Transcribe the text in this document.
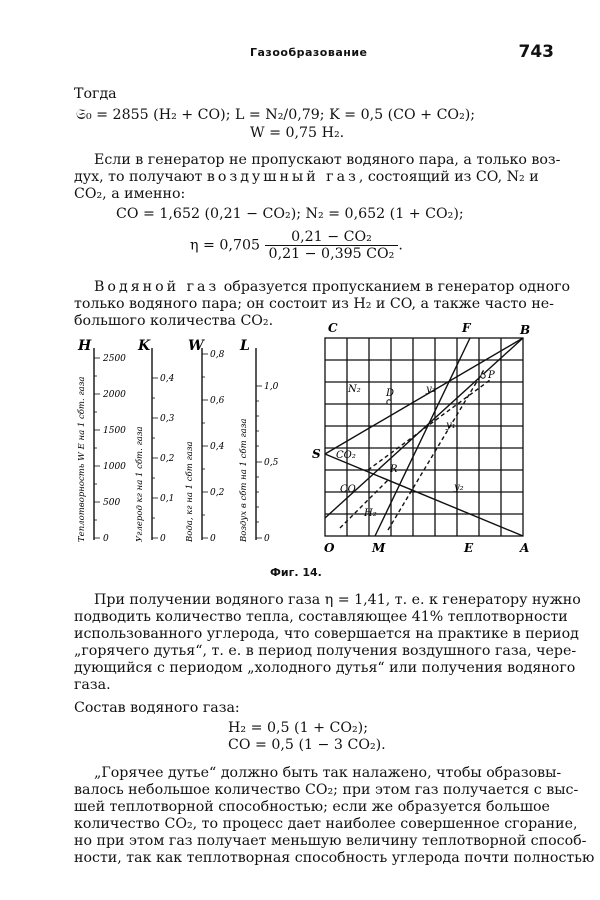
Газообразование	743
Тогда
𝔖₀ = 2855 (H₂ + CO); L = N₂/0,79; K = 0,5 (CO + CO₂);
W = 0,75 H₂.
Если в генератор не пропускают водяного пара, а только воз-
дух, то получают воздушный газ, состоящий из CO, N₂ и
CO₂, а именно:
CO = 1,652 (0,21 − CO₂); N₂ = 0,652 (1 + CO₂);
$\eta = 0,705 \frac{\text{0,21 − CO₂}}{\text{0,21 − 0,395 CO₂}}$ .
Водяной газ образуется пропусканием в генератор одного
только водяного пара; он состоит из H₂ и CO, а также часто не-
большого количества CO₂.
H
2500
2000
1500
1000
500
0
Теплотворность W E на 1 сбт. газа
K
0,4
0,3
0,2
0,1
0
Углерод кг на 1 сбт. газа
W
0,8
0,6
0,4
0,2
0
Вода, кг на 1 сбт газа
L
1,0
0,5
0
Воздух в сбт на 1 сбт газа
C	F	B
S
O	M	E	A
N₂
CO₂
CO
H₂
D
R
P
y₁
y₂
y₃
Фиг. 14.
При получении водяного газа η = 1,41, т. е. к генератору нужно
подводить количество тепла, составляющее 41% теплотворности
использованного углерода, что совершается на практике в период
„горячего дутья“, т. е. в период получения воздушного газа, чере-
дующийся с периодом „холодного дутья“ или получения водяного
газа.
Состав водяного газа:
H₂ = 0,5 (1 + CO₂);
CO = 0,5 (1 − 3 CO₂).
„Горячее дутье“ должно быть так налажено, чтобы образовы-
валось небольшое количество CO₂; при этом газ получается с выс-
шей теплотворной способностью; если же образуется большое
количество CO₂, то процесс дает наиболее совершенное сгорание,
но при этом газ получает меньшую величину теплотворной способ-
ности, так как теплотворная способность углерода почти полностью
